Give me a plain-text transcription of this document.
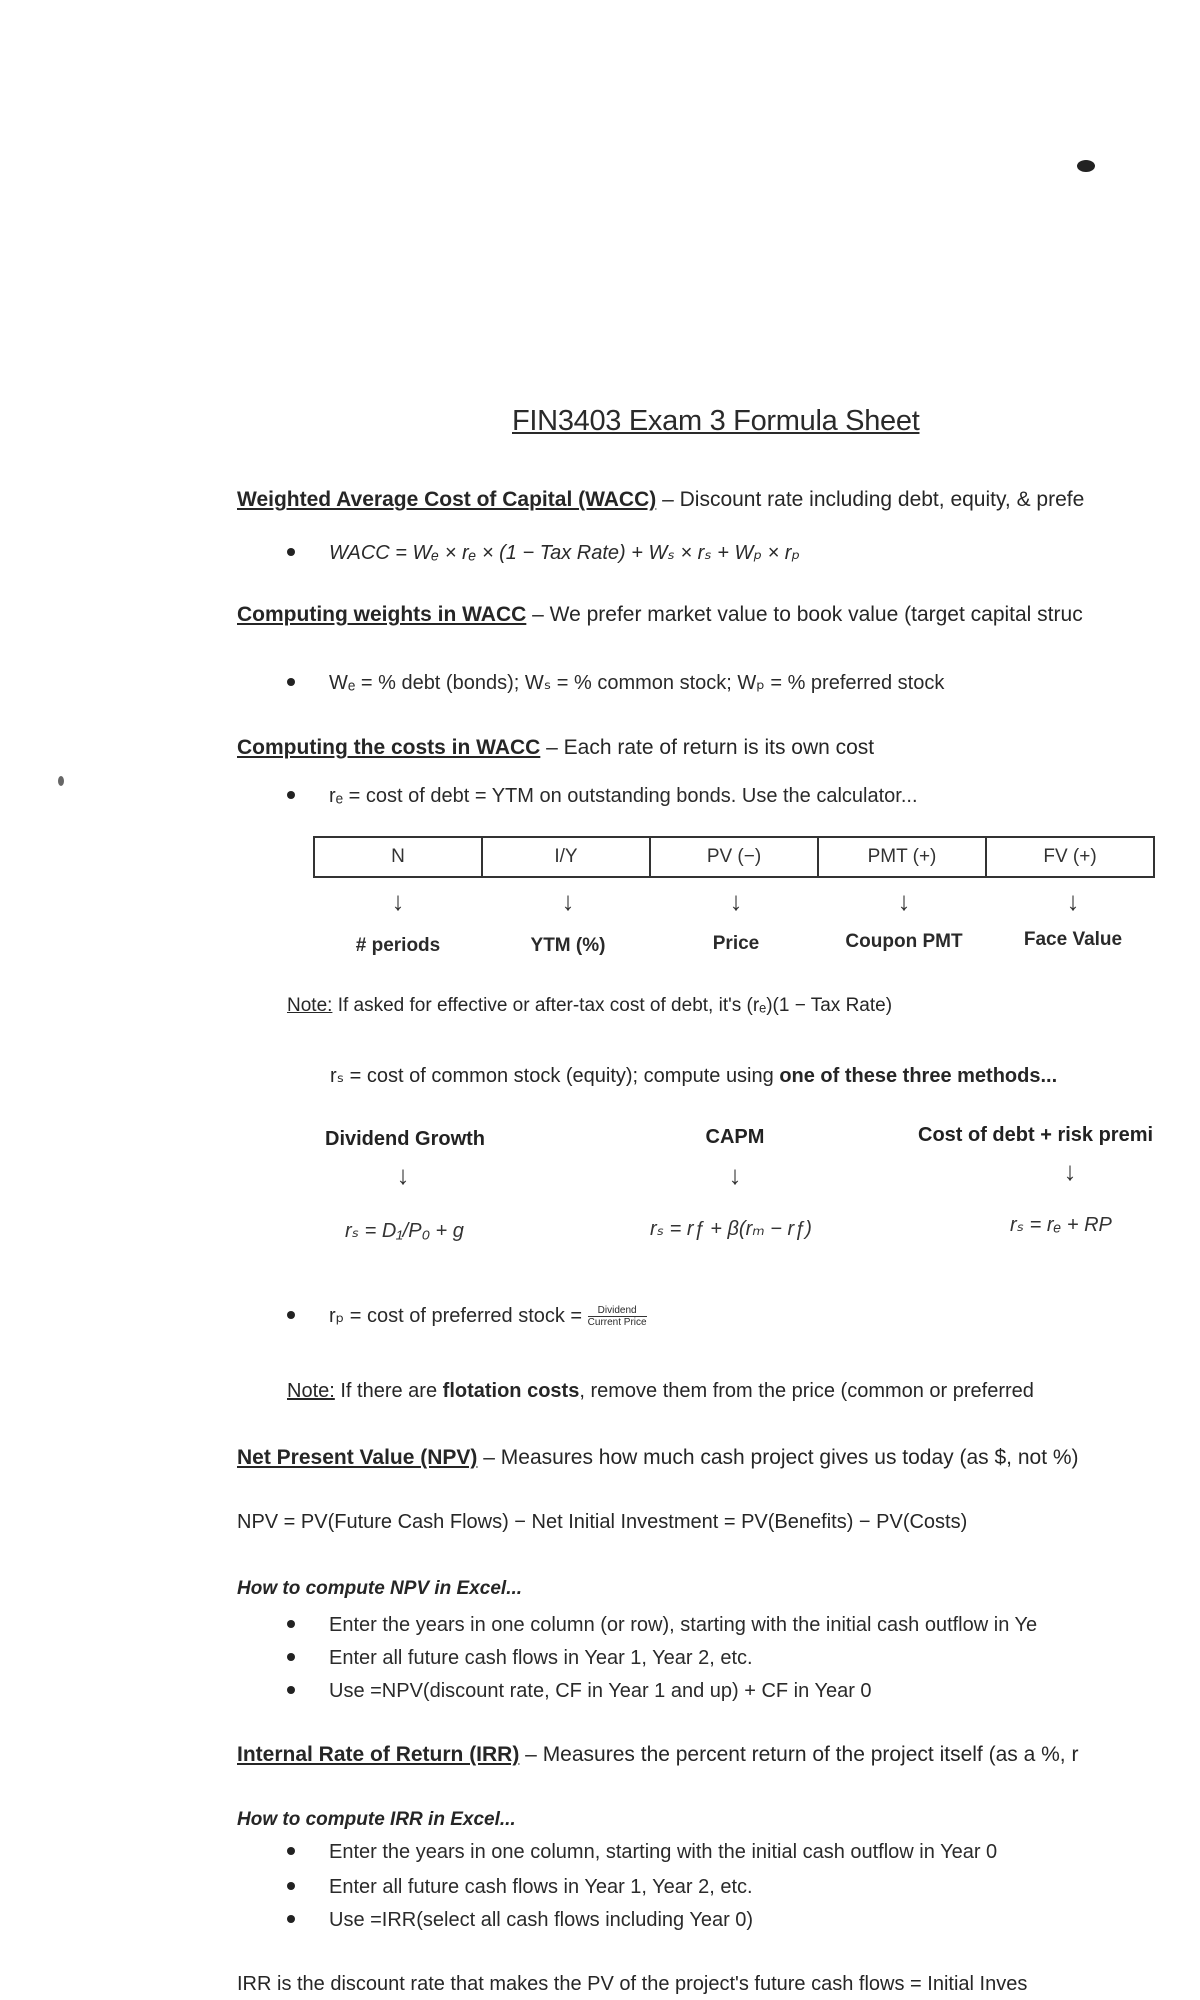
FIN3403 Exam 3 Formula Sheet
Weighted Average Cost of Capital (WACC) – Discount rate including debt, equity, & prefe
WACC = Wₑ × rₑ × (1 − Tax Rate) + Wₛ × rₛ + Wₚ × rₚ
Computing weights in WACC – We prefer market value to book value (target capital struc
Wₑ = % debt (bonds); Wₛ = % common stock; Wₚ = % preferred stock
Computing the costs in WACC – Each rate of return is its own cost
rₑ = cost of debt = YTM on outstanding bonds. Use the calculator...
N	I/Y	PV (−)	PMT (+)	FV (+)
↓	↓	↓	↓	↓
# periods	YTM (%)	Price	Coupon PMT	Face Value
Note: If asked for effective or after-tax cost of debt, it's (rₑ)(1 − Tax Rate)
rₛ = cost of common stock (equity); compute using one of these three methods...
Dividend Growth	CAPM	Cost of debt + risk premi
↓	↓	↓
rₛ = D₁/P₀ + g	rₛ = rƒ + β(rₘ − rƒ)	rₛ = rₑ + RP
rₚ = cost of preferred stock = $\frac{\text{Dividend}}{\text{Current Price}}$
Note: If there are flotation costs, remove them from the price (common or preferred
Net Present Value (NPV) – Measures how much cash project gives us today (as $, not %)
NPV = PV(Future Cash Flows) − Net Initial Investment = PV(Benefits) − PV(Costs)
How to compute NPV in Excel...
Enter the years in one column (or row), starting with the initial cash outflow in Ye
Enter all future cash flows in Year 1, Year 2, etc.
Use =NPV(discount rate, CF in Year 1 and up) + CF in Year 0
Internal Rate of Return (IRR) – Measures the percent return of the project itself (as a %, r
How to compute IRR in Excel...
Enter the years in one column, starting with the initial cash outflow in Year 0
Enter all future cash flows in Year 1, Year 2, etc.
Use =IRR(select all cash flows including Year 0)
IRR is the discount rate that makes the PV of the project's future cash flows = Initial Inves
